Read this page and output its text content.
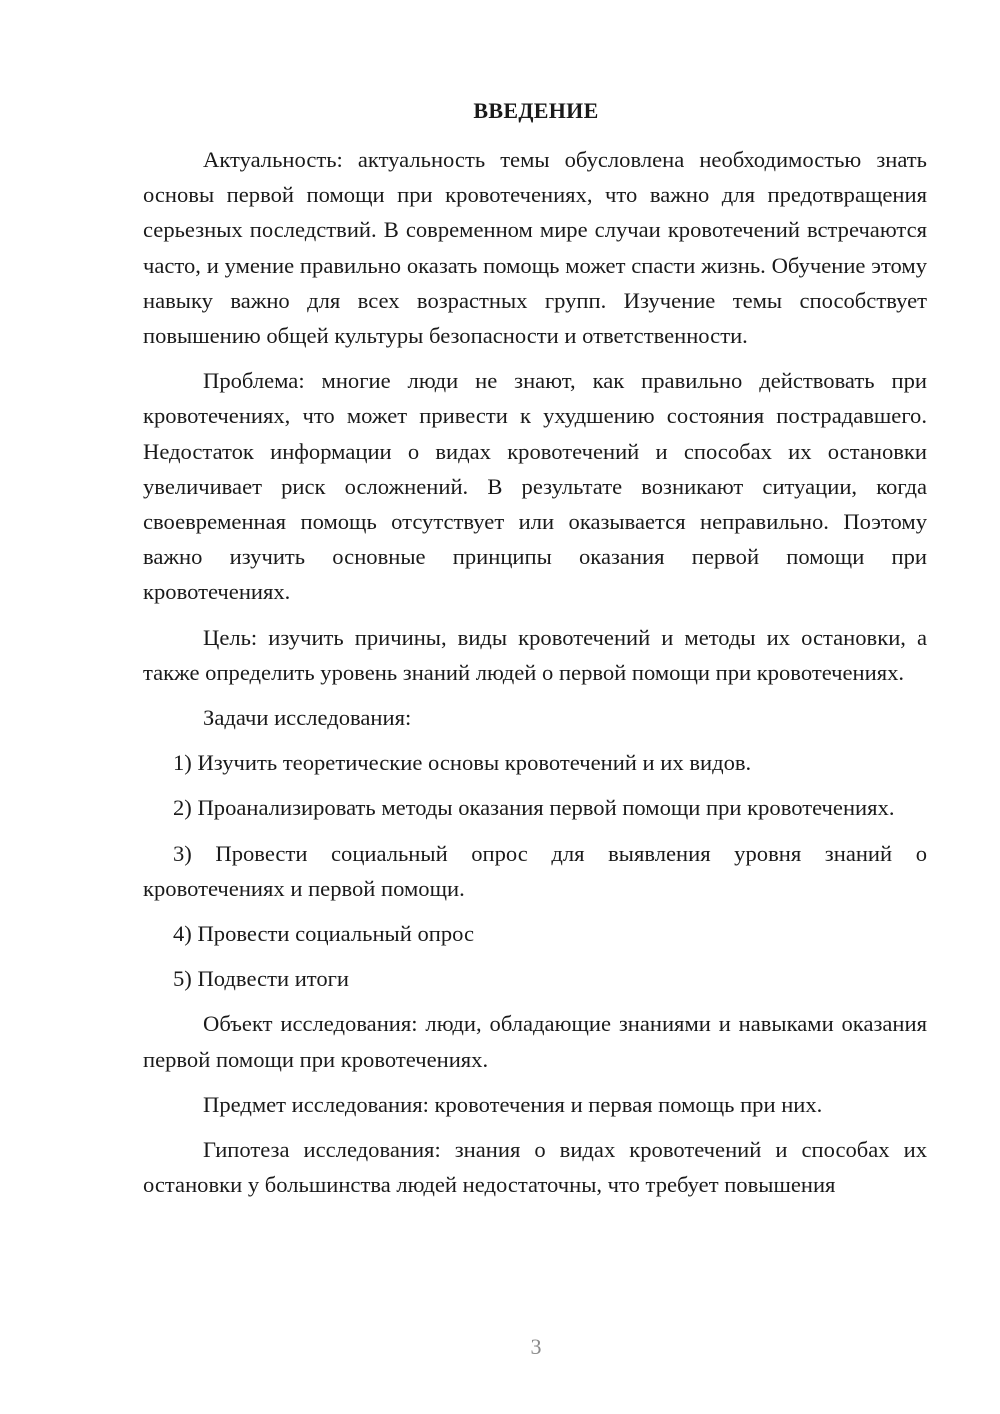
ВВЕДЕНИЕ

Актуальность: актуальность темы обусловлена необходимостью знать основы первой помощи при кровотечениях, что важно для предотвращения серьезных последствий. В современном мире случаи кровотечений встречаются часто, и умение правильно оказать помощь может спасти жизнь. Обучение этому навыку важно для всех возрастных групп. Изучение темы способствует повышению общей культуры безопасности и ответственности.

Проблема: многие люди не знают, как правильно действовать при кровотечениях, что может привести к ухудшению состояния пострадавшего. Недостаток информации о видах кровотечений и способах их остановки увеличивает риск осложнений. В результате возникают ситуации, когда своевременная помощь отсутствует или оказывается неправильно. Поэтому важно изучить основные принципы оказания первой помощи при кровотечениях.

Цель: изучить причины, виды кровотечений и методы их остановки, а также определить уровень знаний людей о первой помощи при кровотечениях.

Задачи исследования:

1) Изучить теоретические основы кровотечений и их видов.

2) Проанализировать методы оказания первой помощи при кровотечениях.

3) Провести социальный опрос для выявления уровня знаний о кровотечениях и первой помощи.

4) Провести социальный опрос

5) Подвести итоги

Объект исследования: люди, обладающие знаниями и навыками оказания первой помощи при кровотечениях.

Предмет исследования: кровотечения и первая помощь при них.

Гипотеза исследования: знания о видах кровотечений и способах их остановки у большинства людей недостаточны, что требует повышения

3
